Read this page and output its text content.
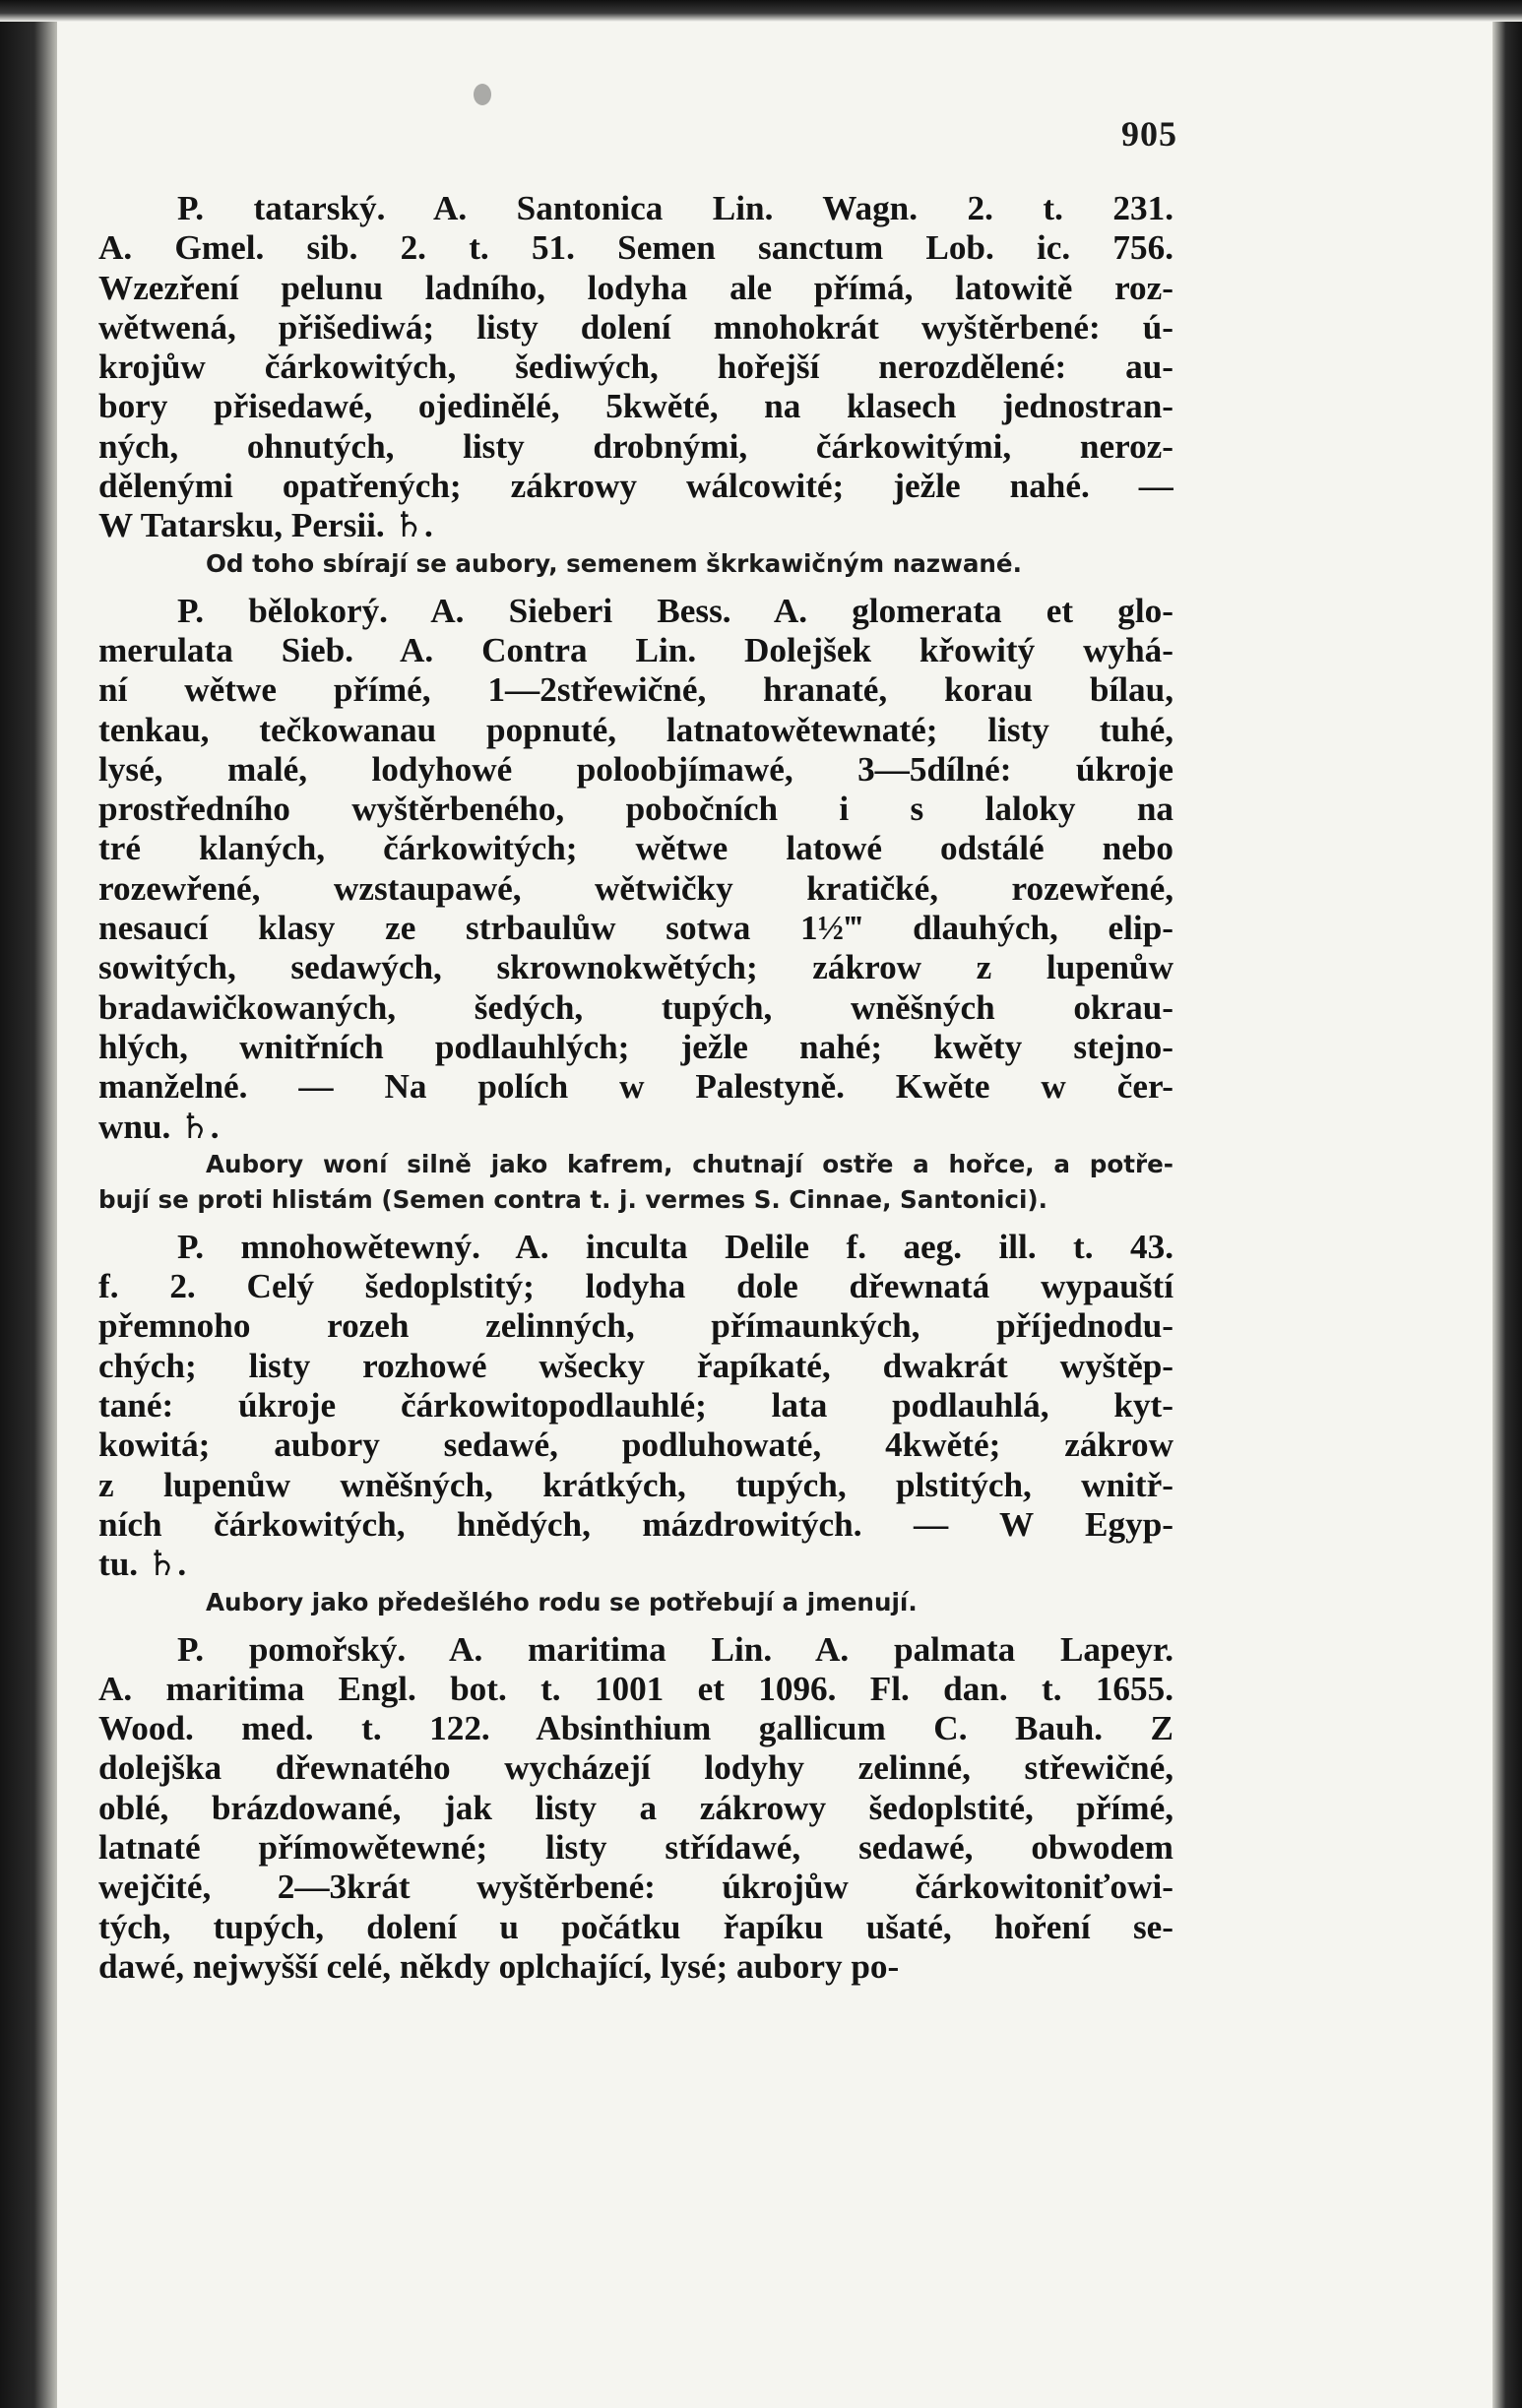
905
P. tatarský. A. Santonica Lin. Wagn. 2. t. 231.
A. Gmel. sib. 2. t. 51. Semen sanctum Lob. ic. 756.
Wzezření pelunu ladního, lodyha ale přímá, latowitě roz-
wětwená, přišediwá; listy dolení mnohokrát wyštěrbené: ú-
krojůw čárkowitých, šediwých, hořejší nerozdělené: au-
bory přisedawé, ojedinělé, 5kwěté, na klasech jednostran-
ných, ohnutých, listy drobnými, čárkowitými, neroz-
dělenými opatřených; zákrowy wálcowité; ježle nahé. —
W Tatarsku, Persii. ♄.
Od toho sbírají se aubory, semenem škrkawičným nazwané.
P. bělokorý. A. Sieberi Bess. A. glomerata et glo-
merulata Sieb. A. Contra Lin. Dolejšek křowitý wyhá-
ní wětwe přímé, 1—2střewičné, hranaté, korau bílau,
tenkau, tečkowanau popnuté, latnatowětewnaté; listy tuhé,
lysé, malé, lodyhowé poloobjímawé, 3—5dílné: úkroje
prostředního wyštěrbeného, pobočních i s laloky na
tré klaných, čárkowitých; wětwe latowé odstálé nebo
rozewřené, wzstaupawé, wětwičky kratičké, rozewřené,
nesaucí klasy ze strbaulůw sotwa 1½‴ dlauhých, elip-
sowitých, sedawých, skrownokwětých; zákrow z lupenůw
bradawičkowaných, šedých, tupých, wněšných okrau-
hlých, wnitřních podlauhlých; ježle nahé; kwěty stejno-
manželné. — Na polích w Palestyně. Kwěte w čer-
wnu. ♄.
Aubory woní silně jako kafrem, chutnají ostře a hořce, a potře-
bují se proti hlistám (Semen contra t. j. vermes S. Cinnae, Santonici).
P. mnohowětewný. A. inculta Delile f. aeg. ill. t. 43.
f. 2. Celý šedoplstitý; lodyha dole dřewnatá wypauští
přemnoho rozeh zelinných, přímaunkých, příjednodu-
chých; listy rozhowé wšecky řapíkaté, dwakrát wyštěp-
tané: úkroje čárkowitopodlauhlé; lata podlauhlá, kyt-
kowitá; aubory sedawé, podluhowaté, 4kwěté; zákrow
z lupenůw wněšných, krátkých, tupých, plstitých, wnitř-
ních čárkowitých, hnědých, mázdrowitých. — W Egyp-
tu. ♄.
Aubory jako předešlého rodu se potřebují a jmenují.
P. pomořský. A. maritima Lin. A. palmata Lapeyr.
A. maritima Engl. bot. t. 1001 et 1096. Fl. dan. t. 1655.
Wood. med. t. 122. Absinthium gallicum C. Bauh. Z
dolejška dřewnatého wycházejí lodyhy zelinné, střewičné,
oblé, brázdowané, jak listy a zákrowy šedoplstité, přímé,
latnaté přímowětewné; listy střídawé, sedawé, obwodem
wejčité, 2—3krát wyštěrbené: úkrojůw čárkowitoniťowi-
tých, tupých, dolení u počátku řapíku ušaté, hoření se-
dawé, nejwyšší celé, někdy oplchající, lysé; aubory po-
